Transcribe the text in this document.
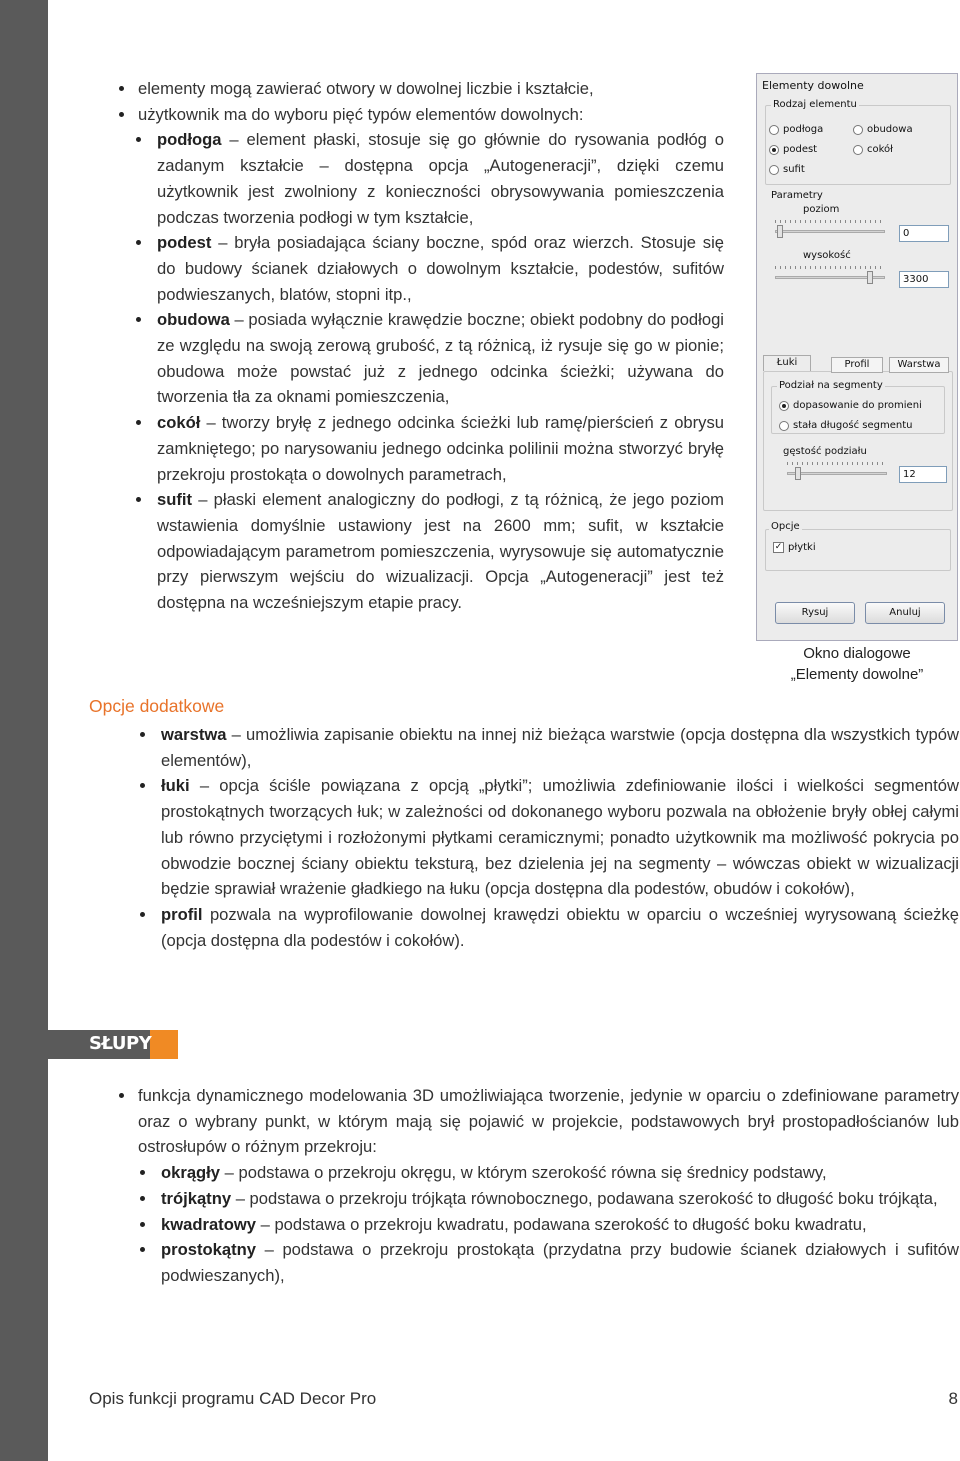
elementy mogą zawierać otwory w dowolnej liczbie i kształcie,
użytkownik ma do wyboru pięć typów elementów dowolnych:
podłoga – element płaski, stosuje się go głównie do rysowania podłóg o zadanym kształcie – dostępna opcja „Autogeneracji”, dzięki czemu użytkownik jest zwolniony z konieczności obrysowywania pomieszczenia podczas tworzenia podłogi w tym kształcie,
podest – bryła posiadająca ściany boczne, spód oraz wierzch. Stosuje się do budowy ścianek działowych o dowolnym kształcie, podestów, sufitów podwieszanych, blatów, stopni itp.,
obudowa – posiada wyłącznie krawędzie boczne; obiekt podobny do podłogi ze względu na swoją zerową grubość, z tą różnicą, iż rysuje się go w pionie; obudowa może powstać już z jednego odcinka ścieżki; używana do tworzenia tła za oknami pomieszczenia,
cokół – tworzy bryłę z jednego odcinka ścieżki lub ramę/pierścień z obrysu zamkniętego; po narysowaniu jednego odcinka polilinii można stworzyć bryłę przekroju prostokąta o dowolnych parametrach,
sufit – płaski element analogiczny do podłogi, z tą różnicą, że jego poziom wstawienia domyślnie ustawiony jest na 2600 mm; sufit, w kształcie odpowiadającym parametrom pomieszczenia, wyrysowuje się automatycznie przy pierwszym wejściu do wizualizacji. Opcja „Autogeneracji” jest też dostępna na wcześniejszym etapie pracy.
Elementy dowolne
Rodzaj elementu
podłoga	obudowa
podest	cokół
sufit
Parametry
poziom
0
wysokość
3300
Łuki	Profil	Warstwa
Podział na segmenty
dopasowanie do promieni
stała długość segmentu
gęstość podziału
12
Opcje
✓ płytki
Rysuj	Anuluj
Okno dialogowe
„Elementy dowolne”
Opcje dodatkowe
warstwa – umożliwia zapisanie obiektu na innej niż bieżąca warstwie (opcja dostępna dla wszystkich typów elementów),
łuki – opcja ściśle powiązana z opcją „płytki”; umożliwia zdefiniowanie ilości i wielkości segmentów prostokątnych tworzących łuk; w zależności od dokonanego wyboru pozwala na obłożenie bryły obłej całymi lub równo przyciętymi i rozłożonymi płytkami ceramicznymi; ponadto użytkownik ma możliwość pokrycia po obwodzie bocznej ściany obiektu teksturą, bez dzielenia jej na segmenty – wówczas obiekt w wizualizacji będzie sprawiał wrażenie gładkiego na łuku (opcja dostępna dla podestów, obudów i cokołów),
profil pozwala na wyprofilowanie dowolnej krawędzi obiektu w oparciu o wcześniej wyrysowaną ścieżkę (opcja dostępna dla podestów i cokołów).
SŁUPY
funkcja dynamicznego modelowania 3D umożliwiająca tworzenie, jedynie w oparciu o zdefiniowane parametry oraz o wybrany punkt, w którym mają się pojawić w projekcie, podstawowych brył prostopadłościanów lub ostrosłupów o różnym przekroju:
okrągły – podstawa o przekroju okręgu, w którym szerokość równa się średnicy podstawy,
trójkątny – podstawa o przekroju trójkąta równobocznego, podawana szerokość to długość boku trójkąta,
kwadratowy – podstawa o przekroju kwadratu, podawana szerokość to długość boku kwadratu,
prostokątny – podstawa o przekroju prostokąta (przydatna przy budowie ścianek działowych i sufitów podwieszanych),
Opis funkcji programu CAD Decor Pro	8
